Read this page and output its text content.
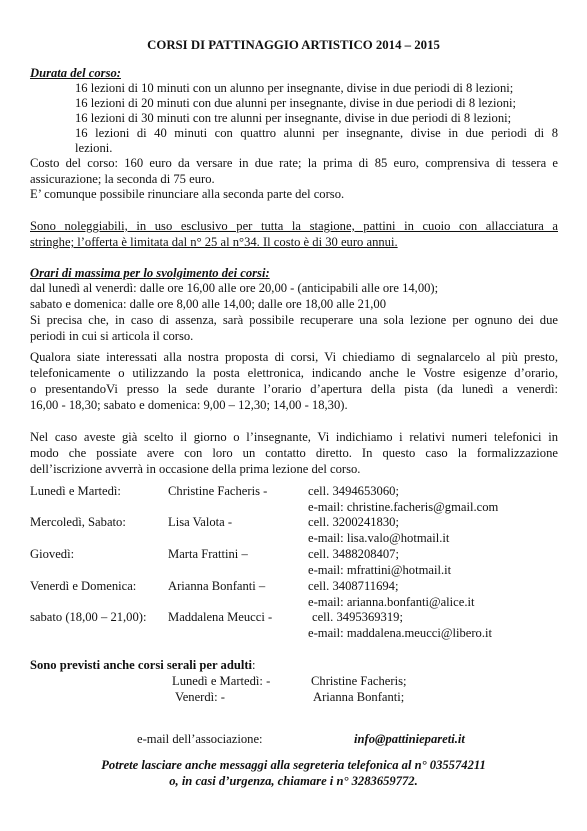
CORSI DI PATTINAGGIO ARTISTICO 2014 – 2015
Durata del corso:
16 lezioni di 10 minuti con un alunno per insegnante, divise in due periodi di 8 lezioni;
16 lezioni di 20 minuti con due alunni per insegnante, divise in due periodi di 8 lezioni;
16 lezioni di 30 minuti con tre alunni per insegnante, divise in due periodi di 8 lezioni;
16 lezioni di 40 minuti con quattro alunni per insegnante, divise in due periodi di 8
lezioni.
Costo del corso: 160 euro da versare in due rate; la prima di 85 euro, comprensiva di tessera e
assicurazione; la seconda di 75 euro.
E’ comunque possibile rinunciare alla seconda parte del corso.
Sono noleggiabili, in uso esclusivo per tutta la stagione, pattini in cuoio con allacciatura a
stringhe; l’offerta è limitata dal n° 25 al n°34. Il costo è di 30 euro annui.
Orari di massima per lo svolgimento dei corsi:
dal lunedì al venerdì: dalle ore 16,00 alle ore 20,00 - (anticipabili alle ore 14,00);
sabato e domenica: dalle ore 8,00 alle 14,00; dalle ore 18,00 alle 21,00
Si precisa che, in caso di assenza, sarà possibile recuperare una sola lezione per ognuno dei due
periodi in cui si articola il corso.
Qualora siate interessati alla nostra proposta di corsi, Vi chiediamo di segnalarcelo al più presto,
telefonicamente o utilizzando la posta elettronica, indicando anche le Vostre esigenze d’orario,
o presentandoVi presso la sede durante l’orario d’apertura della pista (da lunedì a venerdì:
16,00 - 18,30; sabato e domenica: 9,00 – 12,30; 14,00 - 18,30).
Nel caso aveste già scelto il giorno o l’insegnante, Vi indichiamo i relativi numeri telefonici in
modo che possiate avere con loro un contatto diretto. In questo caso la formalizzazione
dell’iscrizione avverrà in occasione della prima lezione del corso.
Lunedì e Martedì:	Christine Facheris -	cell. 3494653060;
e-mail: christine.facheris@gmail.com
Mercoledì, Sabato:	Lisa Valota -	cell. 3200241830;
e-mail: lisa.valo@hotmail.it
Giovedì:	Marta Frattini –	cell. 3488208407;
e-mail: mfrattini@hotmail.it
Venerdì e Domenica:	Arianna Bonfanti –	cell. 3408711694;
e-mail: arianna.bonfanti@alice.it
sabato (18,00 – 21,00): Maddalena Meucci -	cell. 3495369319;
e-mail: maddalena.meucci@libero.it
Sono previsti anche corsi serali per adulti:
Lunedì e Martedì: -	Christine Facheris;
Venerdì: -	Arianna Bonfanti;
e-mail dell’associazione:	info@pattiniepareti.it
Potrete lasciare anche messaggi alla segreteria telefonica al n° 035574211
o, in casi d’urgenza, chiamare i n° 3283659772.
